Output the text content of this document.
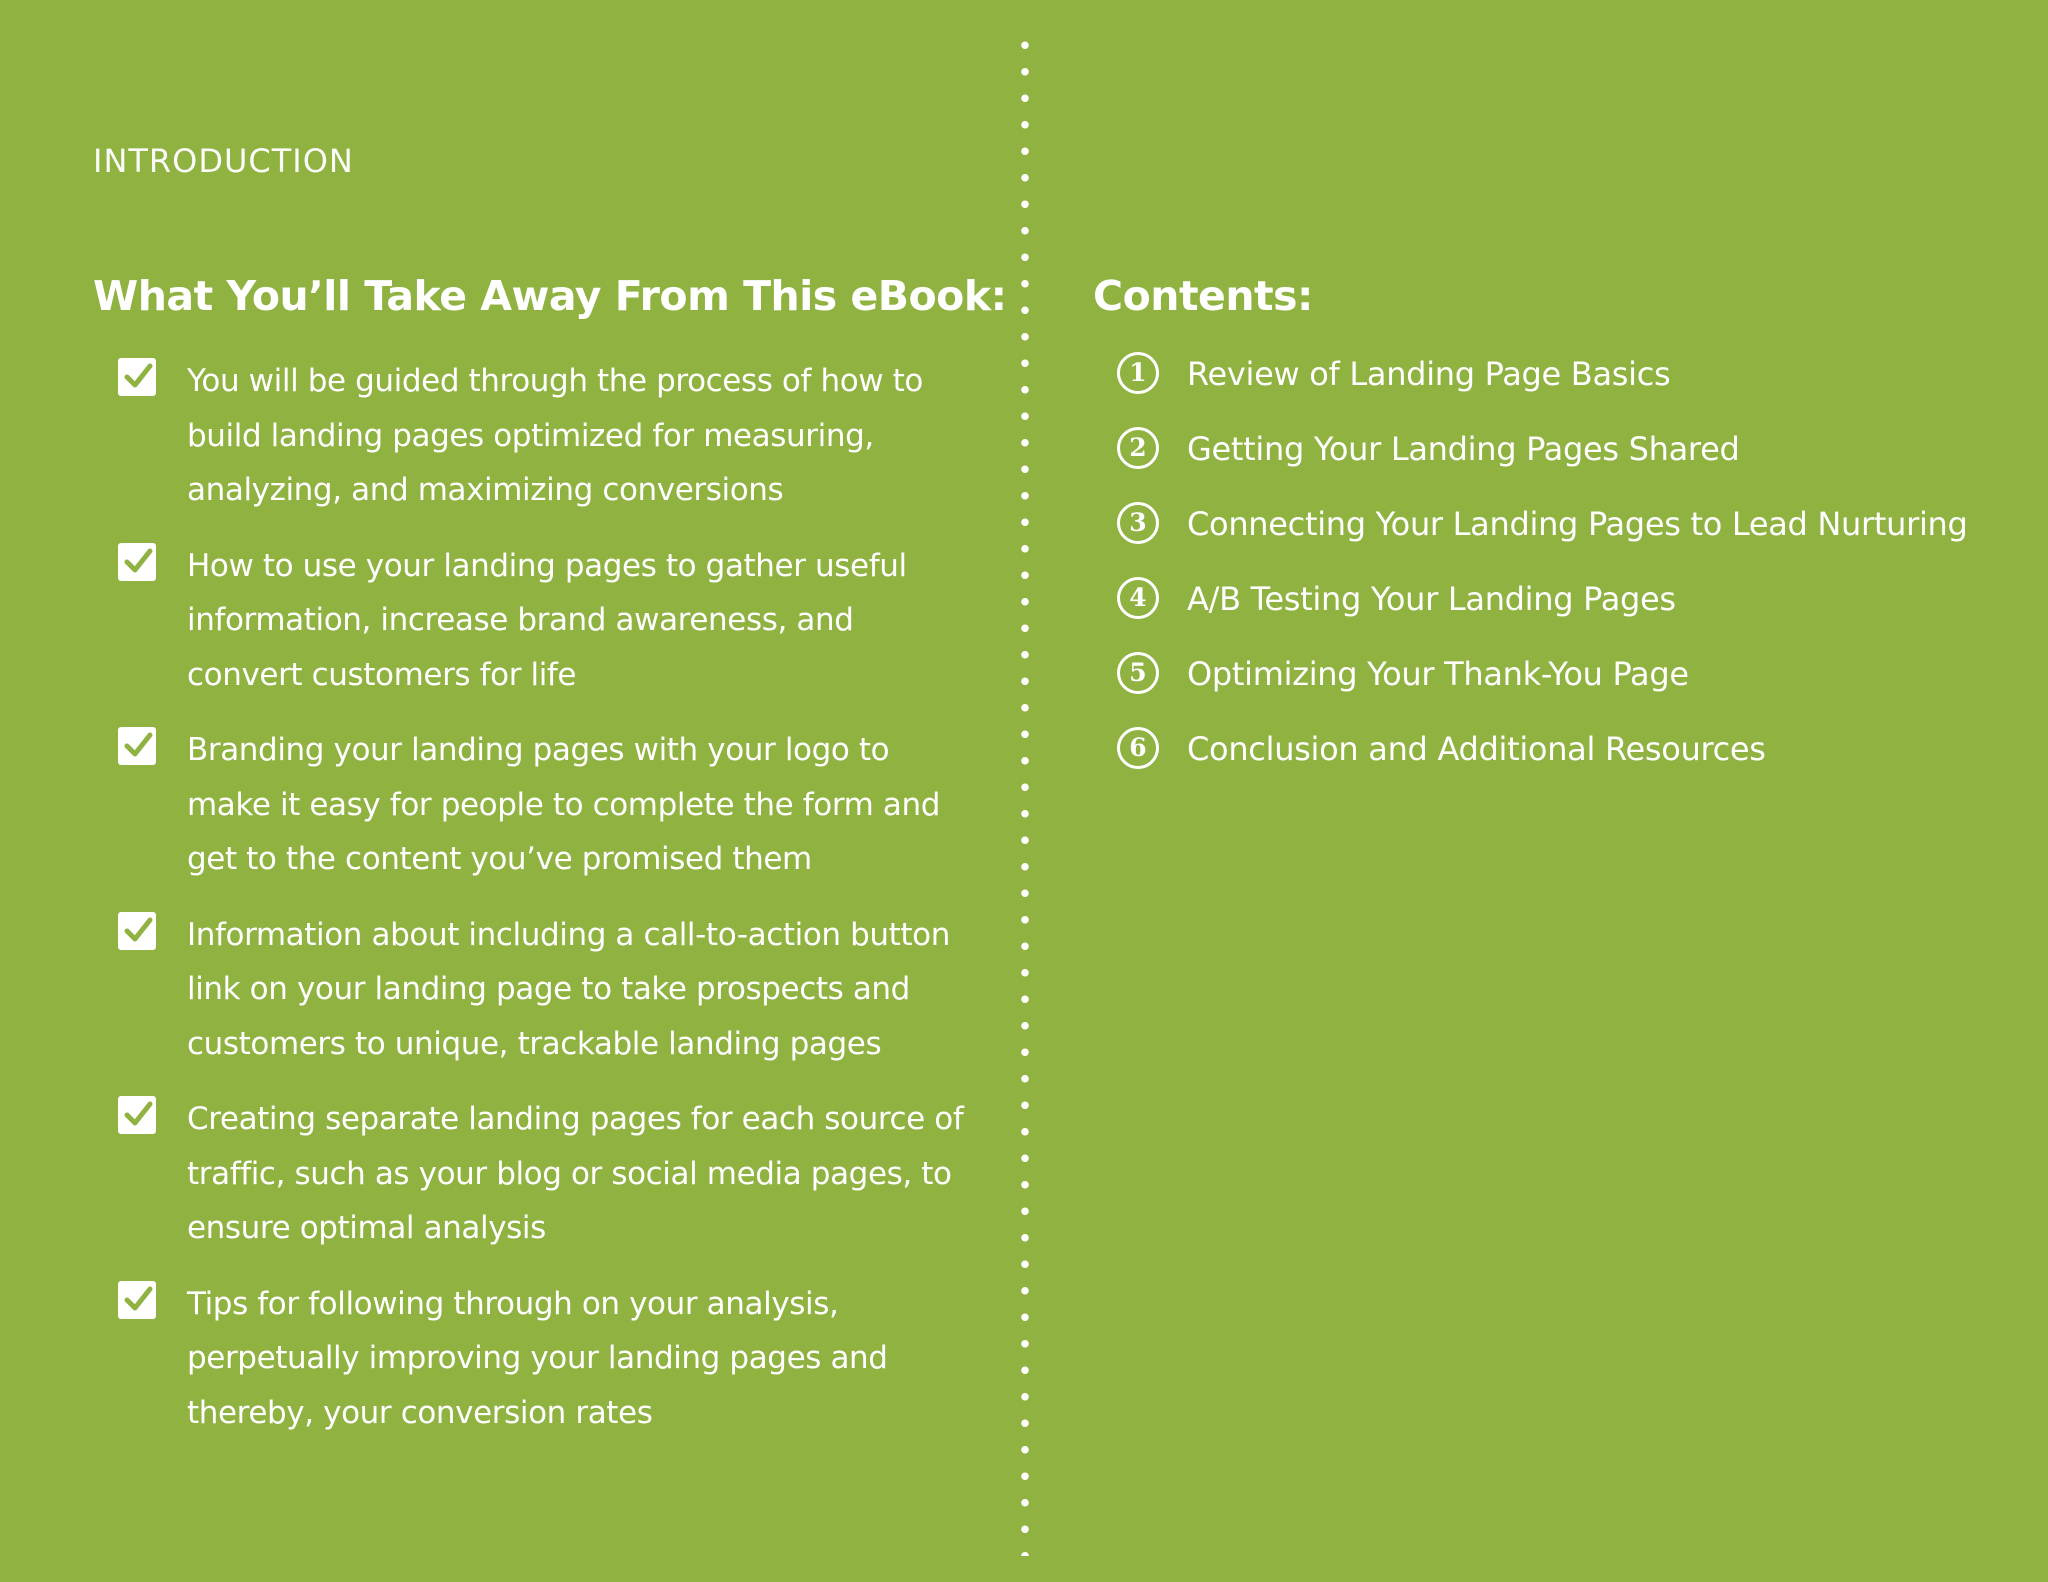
INTRODUCTION
What You’ll Take Away From This eBook:
You will be guided through the process of how to build landing pages optimized for measuring, analyzing, and maximizing conversions
How to use your landing pages to gather useful information, increase brand awareness, and convert customers for life
Branding your landing pages with your logo to make it easy for people to complete the form and get to the content you’ve promised them
Information about including a call-to-action button link on your landing page to take prospects and customers to unique, trackable landing pages
Creating separate landing pages for each source of traffic, such as your blog or social media pages, to ensure optimal analysis
Tips for following through on your analysis, perpetually improving your landing pages and thereby, your conversion rates
Contents:
1	Review of Landing Page Basics
2	Getting Your Landing Pages Shared
3	Connecting Your Landing Pages to Lead Nurturing
4	A/B Testing Your Landing Pages
5	Optimizing Your Thank-You Page
6	Conclusion and Additional Resources
